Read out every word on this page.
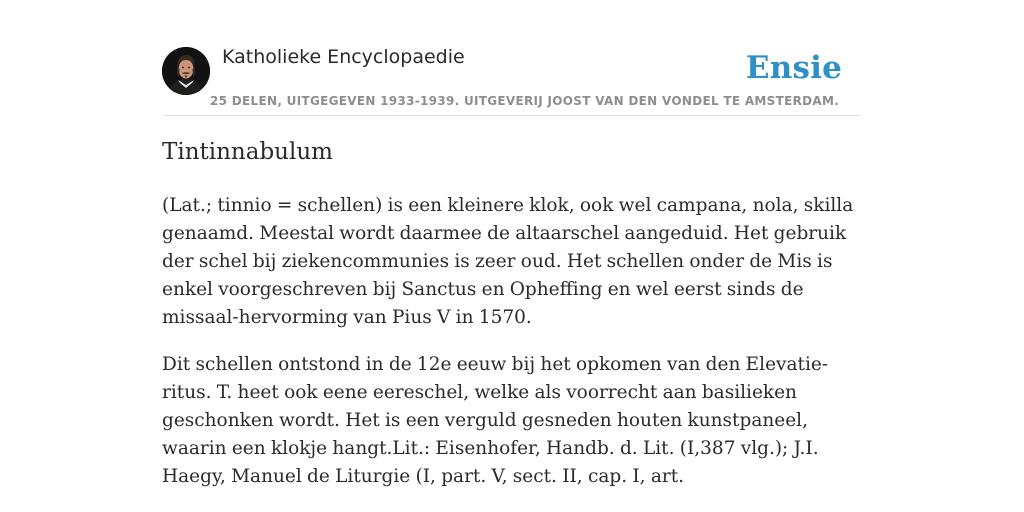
Katholieke Encyclopaedie	Ensie
25 DELEN, UITGEGEVEN 1933-1939. UITGEVERIJ JOOST VAN DEN VONDEL TE AMSTERDAM.
Tintinnabulum

(Lat.; tinnio = schellen) is een kleinere klok, ook wel campana, nola, skilla genaamd. Meestal wordt daarmee de altaarschel aangeduid. Het gebruik der schel bij ziekencommunies is zeer oud. Het schellen onder de Mis is enkel voorgeschreven bij Sanctus en Opheffing en wel eerst sinds de missaal-hervorming van Pius V in 1570.

Dit schellen ontstond in de 12e eeuw bij het opkomen van den Elevatie-ritus. T. heet ook eene eereschel, welke als voorrecht aan basilieken geschonken wordt. Het is een verguld gesneden houten kunstpaneel, waarin een klokje hangt.Lit.: Eisenhofer, Handb. d. Lit. (I,387 vlg.); J.I. Haegy, Manuel de Liturgie (I, part. V, sect. II, cap. I, art.
